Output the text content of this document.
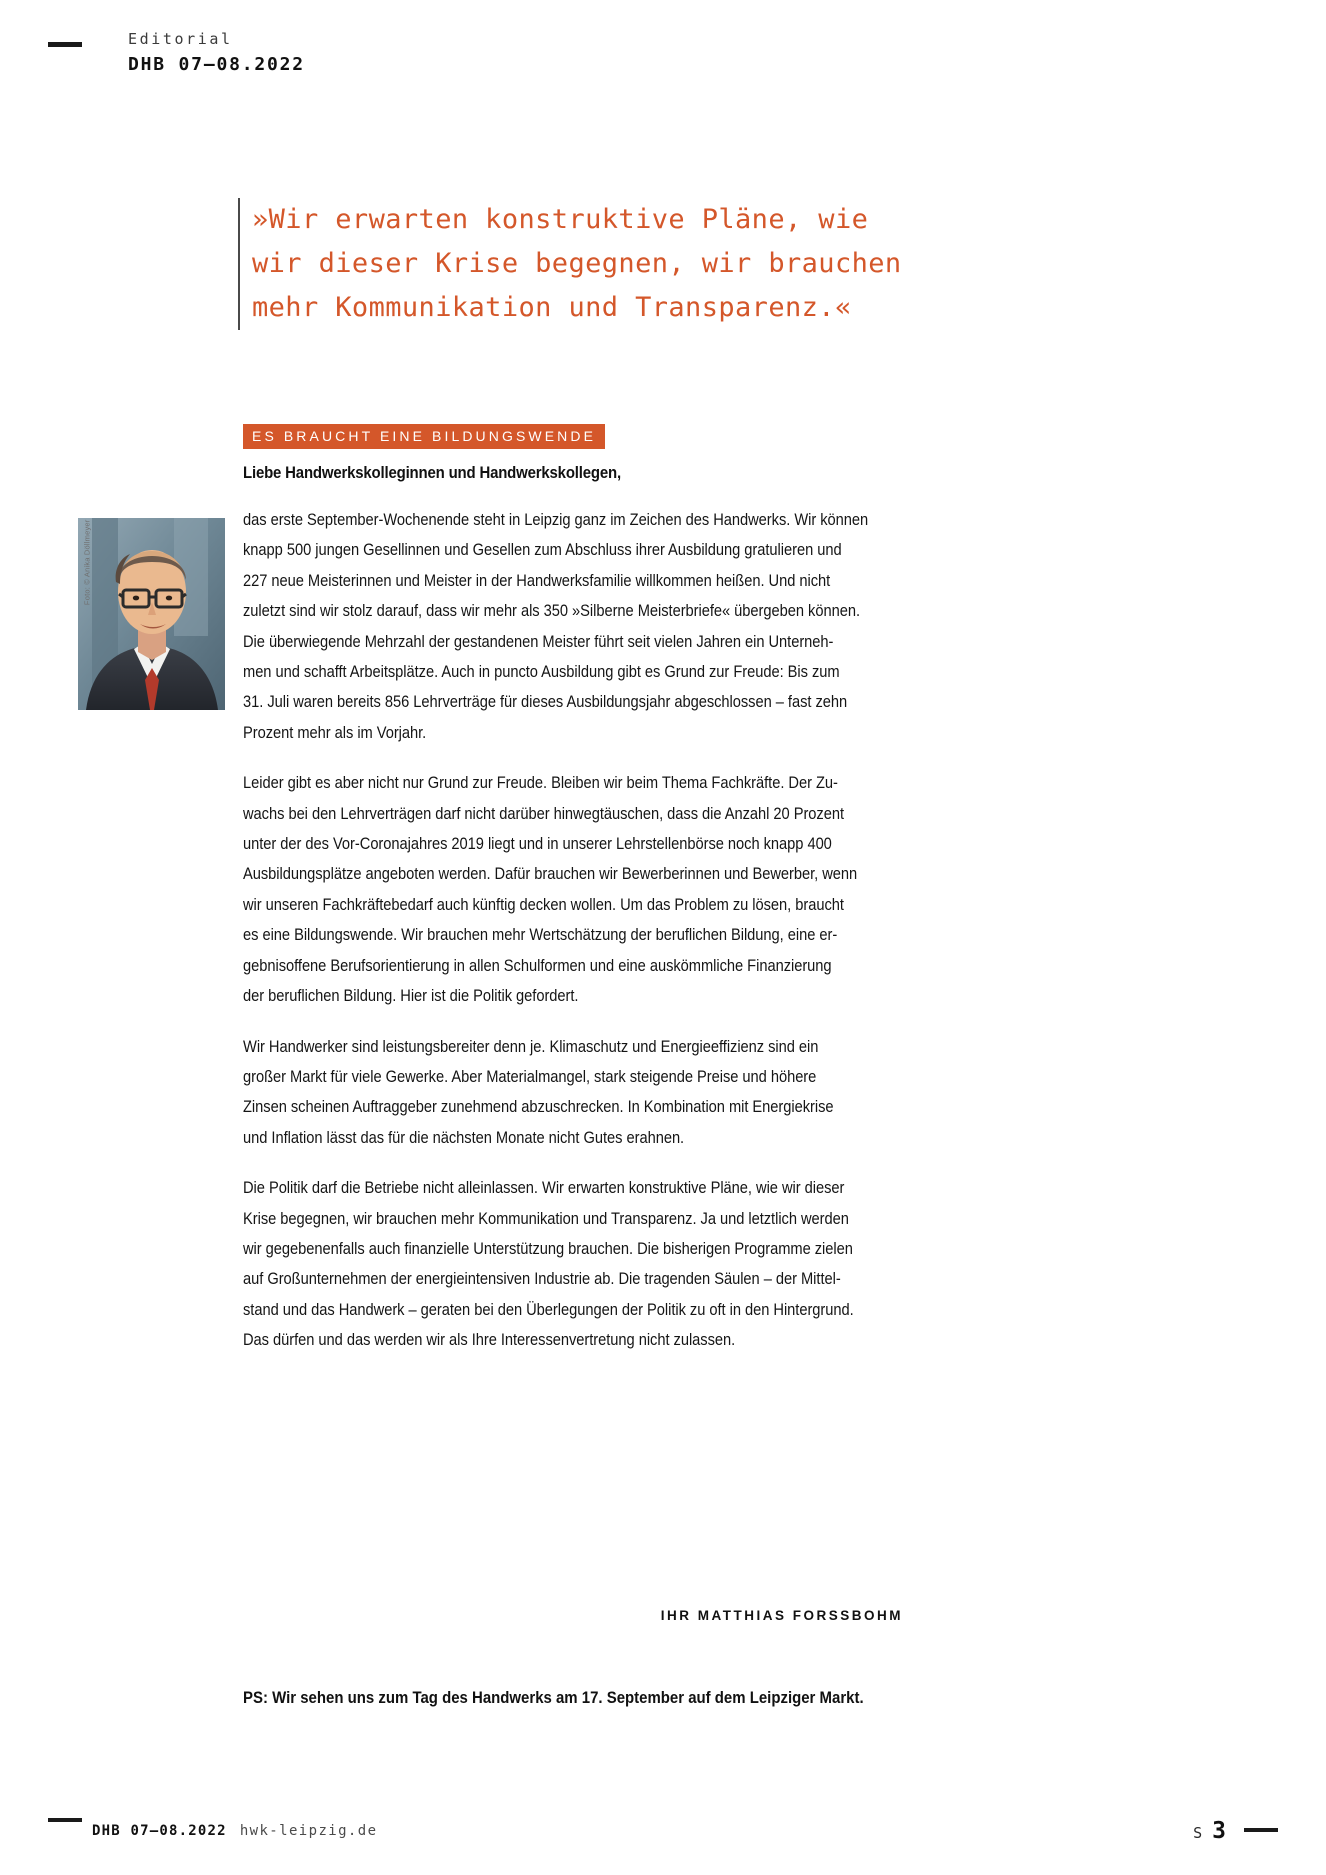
Editorial
DHB 07–08.2022
»Wir erwarten konstruktive Pläne, wie
wir dieser Krise begegnen, wir brauchen
mehr Kommunikation und Transparenz.«
ES BRAUCHT EINE BILDUNGSWENDE
Liebe Handwerkskolleginnen und Handwerkskollegen,
Foto: © Anika Döllmeyer	das erste September-Wochenende steht in Leipzig ganz im Zeichen des Handwerks. Wir können
knapp 500 jungen Gesellinnen und Gesellen zum Abschluss ihrer Ausbildung gratulieren und
227 neue Meisterinnen und Meister in der Handwerksfamilie willkommen heißen. Und nicht
zuletzt sind wir stolz darauf, dass wir mehr als 350 »Silberne Meisterbriefe« übergeben können.
Die überwiegende Mehrzahl der gestandenen Meister führt seit vielen Jahren ein Unterneh-
men und schafft Arbeitsplätze. Auch in puncto Ausbildung gibt es Grund zur Freude: Bis zum
31. Juli waren bereits 856 Lehrverträge für dieses Ausbildungsjahr abgeschlossen – fast zehn
Prozent mehr als im Vorjahr.

Leider gibt es aber nicht nur Grund zur Freude. Bleiben wir beim Thema Fachkräfte. Der Zu-
wachs bei den Lehrverträgen darf nicht darüber hinwegtäuschen, dass die Anzahl 20 Prozent
unter der des Vor-Coronajahres 2019 liegt und in unserer Lehrstellenbörse noch knapp 400
Ausbildungsplätze angeboten werden. Dafür brauchen wir Bewerberinnen und Bewerber, wenn
wir unseren Fachkräftebedarf auch künftig decken wollen. Um das Problem zu lösen, braucht
es eine Bildungswende. Wir brauchen mehr Wertschätzung der beruflichen Bildung, eine er-
gebnisoffene Berufsorientierung in allen Schulformen und eine auskömmliche Finanzierung
der beruflichen Bildung. Hier ist die Politik gefordert.

Wir Handwerker sind leistungsbereiter denn je. Klimaschutz und Energieeffizienz sind ein
großer Markt für viele Gewerke. Aber Materialmangel, stark steigende Preise und höhere
Zinsen scheinen Auftraggeber zunehmend abzuschrecken. In Kombination mit Energiekrise
und Inflation lässt das für die nächsten Monate nicht Gutes erahnen.

Die Politik darf die Betriebe nicht alleinlassen. Wir erwarten konstruktive Pläne, wie wir dieser
Krise begegnen, wir brauchen mehr Kommunikation und Transparenz. Ja und letztlich werden
wir gegebenenfalls auch finanzielle Unterstützung brauchen. Die bisherigen Programme zielen
auf Großunternehmen der energieintensiven Industrie ab. Die tragenden Säulen – der Mittel-
stand und das Handwerk – geraten bei den Überlegungen der Politik zu oft in den Hintergrund.
Das dürfen und das werden wir als Ihre Interessenvertretung nicht zulassen.

IHR MATTHIAS FORSSBOHM
PS: Wir sehen uns zum Tag des Handwerks am 17. September auf dem Leipziger Markt.
DHB 07–08.2022 hwk-leipzig.de	S 3
